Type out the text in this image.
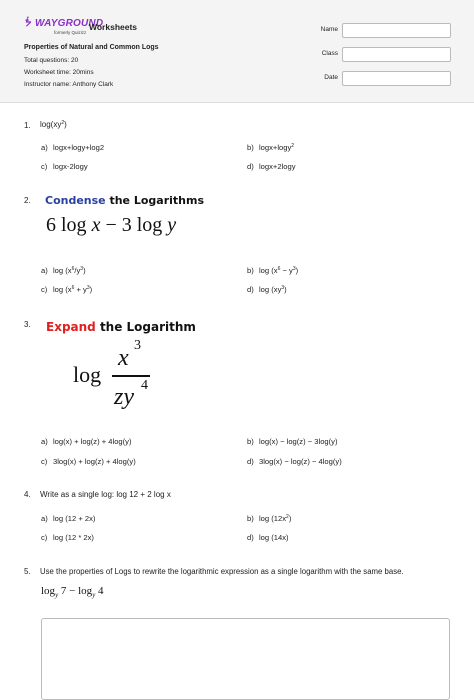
ᖭ WAYGROUND
formerly Quizizz
Worksheets
Properties of Natural and Common Logs
Total questions: 20
Worksheet time: 20mins
Instructor name: Anthony Clark
Name
Class
Date
1. $\log(xy^2)$
a) logx+logy+log2	b) logx+logy$^2$
c) logx-2logy	d) logx+2logy
2. Condense the Logarithms
6 log x − 3 log y
a) $\log (x^6/y^3)$	b) $\log (x^6 - y^3)$
c) $\log (x^6 + y^3)$	d) $\log (xy^3)$
3. Expand the Logarithm
log
x 3
zy 4
a) log(x) + log(z) + 4log(y)	b) log(x) − log(z) − 3log(y)
c) 3log(x) + log(z) + 4log(y)	d) 3log(x) − log(z) − 4log(y)
4. Write as a single log: log 12 + 2 log x
a) log (12 + 2x)	b) $\log (12x^2)$
c) log (12 * 2x)	d) log (14x)
5. Use the properties of Logs to rewrite the logarithmic expression as a single logarithm with the same base.
$\log_y 7 - \log_y 4$
